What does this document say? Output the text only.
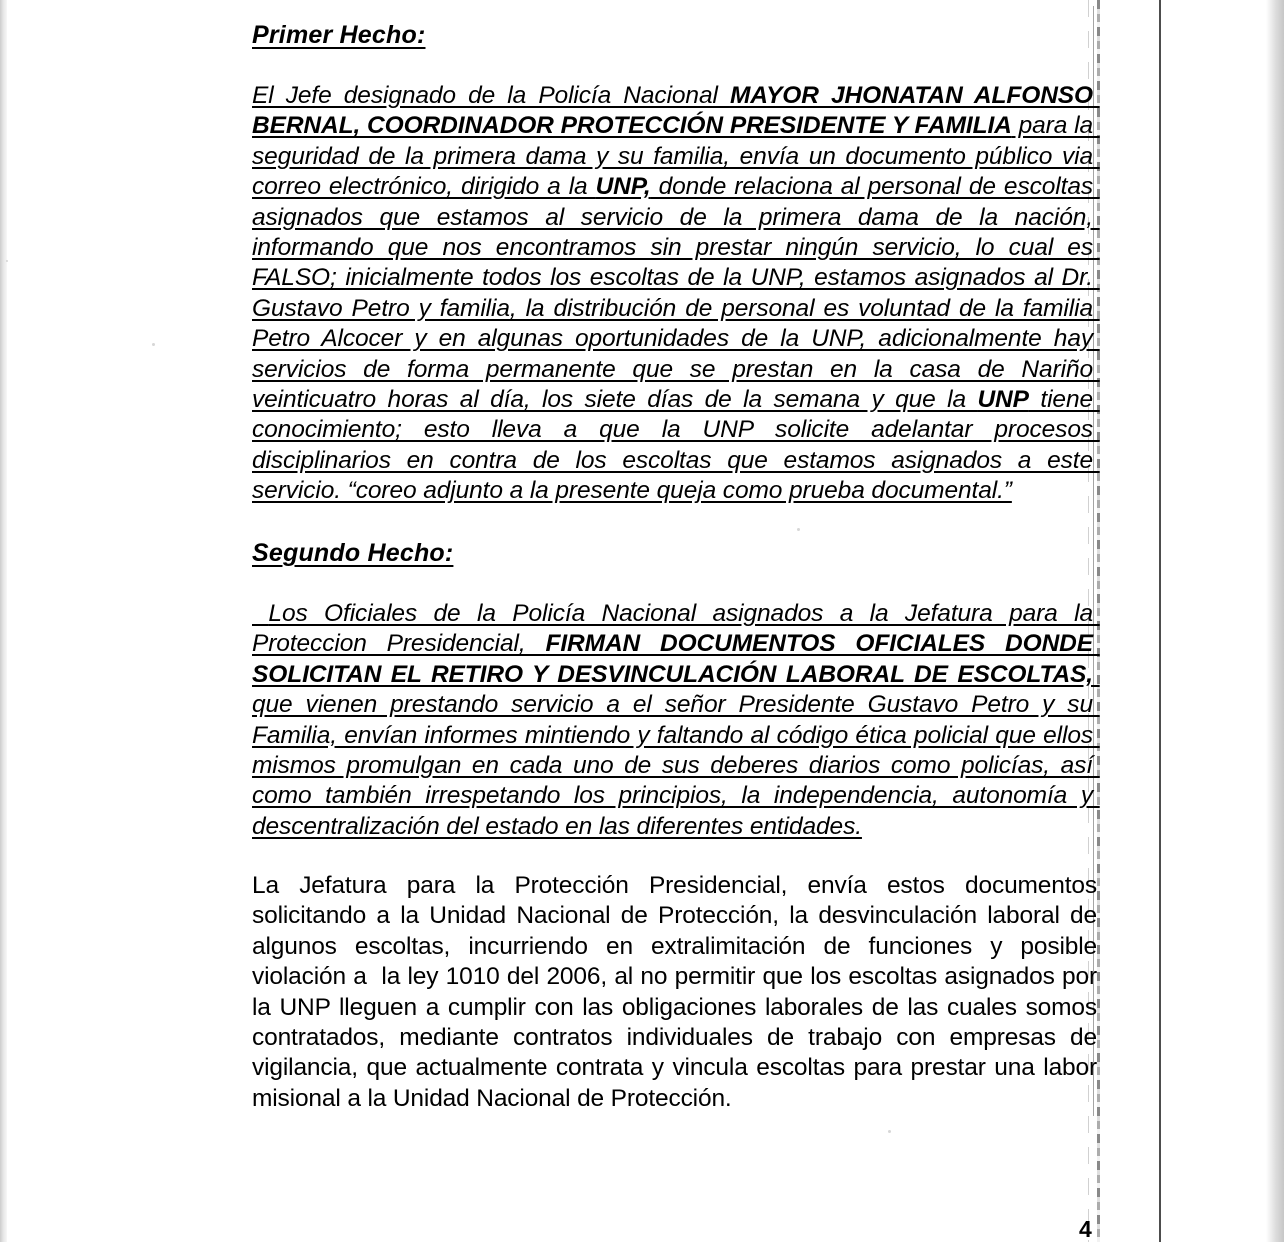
Primer Hecho:
El Jefe designado de la Policía Nacional MAYOR JHONATAN ALFONSO BERNAL, COORDINADOR PROTECCIÓN PRESIDENTE Y FAMILIA para la seguridad de la primera dama y su familia, envía un documento público via correo electrónico, dirigido a la UNP, donde relaciona al personal de escoltas asignados que estamos al servicio de la primera dama de la nación, informando que nos encontramos sin prestar ningún servicio, lo cual es FALSO; inicialmente todos los escoltas de la UNP, estamos asignados al Dr. Gustavo Petro y familia, la distribución de personal es voluntad de la familia Petro Alcocer y en algunas oportunidades de la UNP, adicionalmente hay servicios de forma permanente que se prestan en la casa de Nariño veinticuatro horas al día, los siete días de la semana y que la UNP tiene conocimiento; esto lleva a que la UNP solicite adelantar procesos disciplinarios en contra de los escoltas que estamos asignados a este servicio. “coreo adjunto a la presente queja como prueba documental.”
Segundo Hecho:
Los Oficiales de la Policía Nacional asignados a la Jefatura para la Proteccion Presidencial, FIRMAN DOCUMENTOS OFICIALES DONDE SOLICITAN EL RETIRO Y DESVINCULACIÓN LABORAL DE ESCOLTAS, que vienen prestando servicio a el señor Presidente Gustavo Petro y su Familia, envían informes mintiendo y faltando al código ética policial que ellos mismos promulgan en cada uno de sus deberes diarios como policías, así como también irrespetando los principios, la independencia, autonomía y descentralización del estado en las diferentes entidades.
La Jefatura para la Protección Presidencial, envía estos documentos solicitando a la Unidad Nacional de Protección, la desvinculación laboral de algunos escoltas, incurriendo en extralimitación de funciones y posible violación a  la ley 1010 del 2006, al no permitir que los escoltas asignados por la UNP lleguen a cumplir con las obligaciones laborales de las cuales somos contratados, mediante contratos individuales de trabajo con empresas de vigilancia, que actualmente contrata y vincula escoltas para prestar una labor misional a la Unidad Nacional de Protección.
4
